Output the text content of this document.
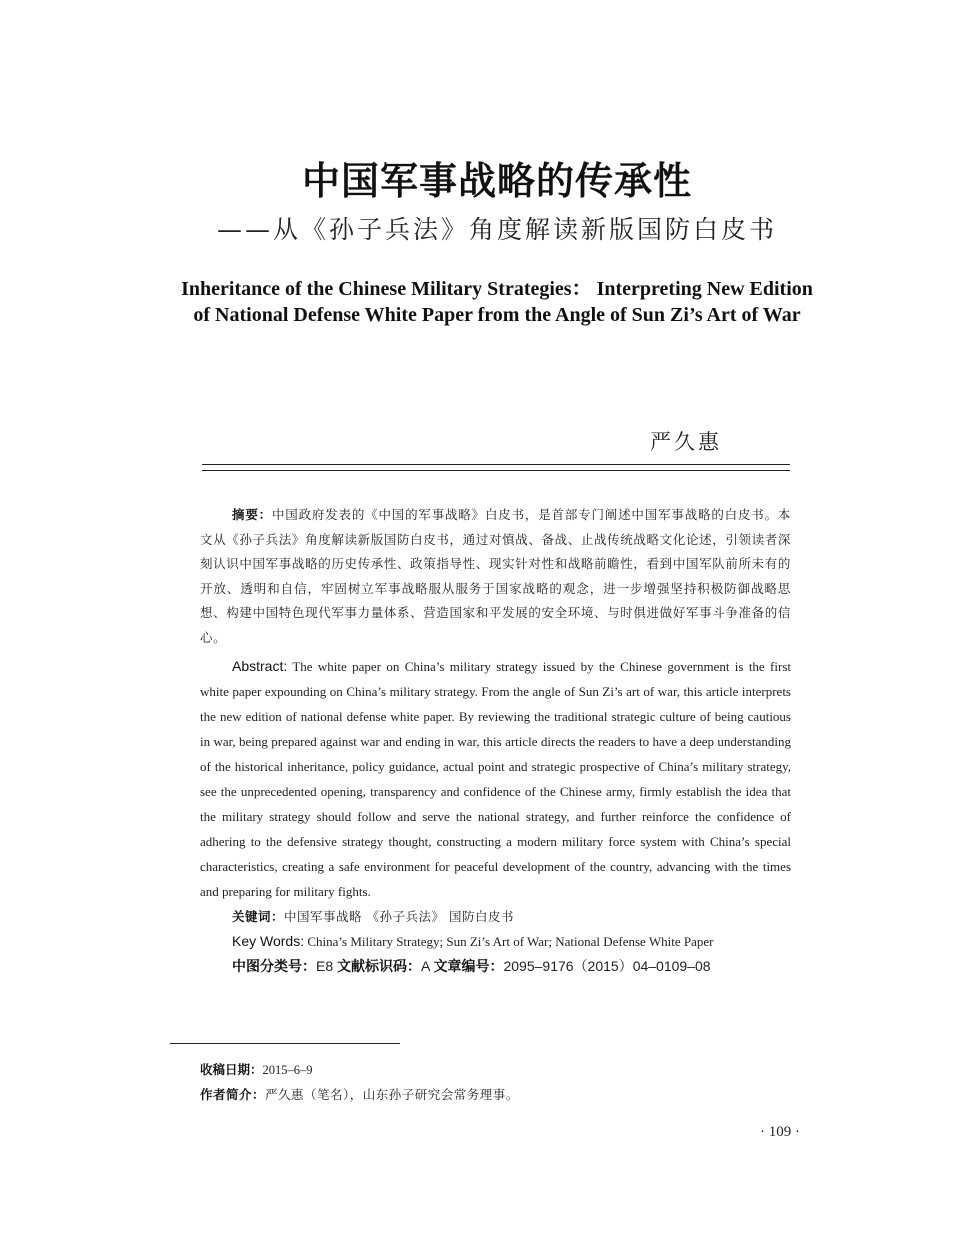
中国军事战略的传承性
——从《孙子兵法》角度解读新版国防白皮书
Inheritance of the Chinese Military Strategies： Interpreting New Edition
of National Defense White Paper from the Angle of Sun Zi’s Art of War
严久惠

摘要：中国政府发表的《中国的军事战略》白皮书，是首部专门阐述中国军事战略的白皮书。本文从《孙子兵法》角度解读新版国防白皮书，通过对慎战、备战、止战传统战略文化论述，引领读者深刻认识中国军事战略的历史传承性、政策指导性、现实针对性和战略前瞻性，看到中国军队前所未有的开放、透明和自信，牢固树立军事战略服从服务于国家战略的观念，进一步增强坚持积极防御战略思想、构建中国特色现代军事力量体系、营造国家和平发展的安全环境、与时俱进做好军事斗争准备的信心。

Abstract: The white paper on China’s military strategy issued by the Chinese government is the first white paper expounding on China’s military strategy. From the angle of Sun Zi’s art of war, this article interprets the new edition of national defense white paper. By reviewing the traditional strategic culture of being cautious in war, being prepared against war and ending in war, this article directs the readers to have a deep understanding of the historical inheritance, policy guidance, actual point and strategic prospective of China’s military strategy, see the unprecedented opening, transparency and confidence of the Chinese army, firmly establish the idea that the military strategy should follow and serve the national strategy, and further reinforce the confidence of adhering to the defensive strategy thought, constructing a modern military force system with China’s special characteristics, creating a safe environment for peaceful development of the country, advancing with the times and preparing for military fights.

关键词：中国军事战略 《孙子兵法》 国防白皮书

Key Words: China’s Military Strategy; Sun Zi’s Art of War; National Defense White Paper

中图分类号：E8 文献标识码：A 文章编号：2095–9176（2015）04–0109–08

收稿日期：2015–6–9
作者简介：严久惠（笔名），山东孙子研究会常务理事。
· 109 ·
